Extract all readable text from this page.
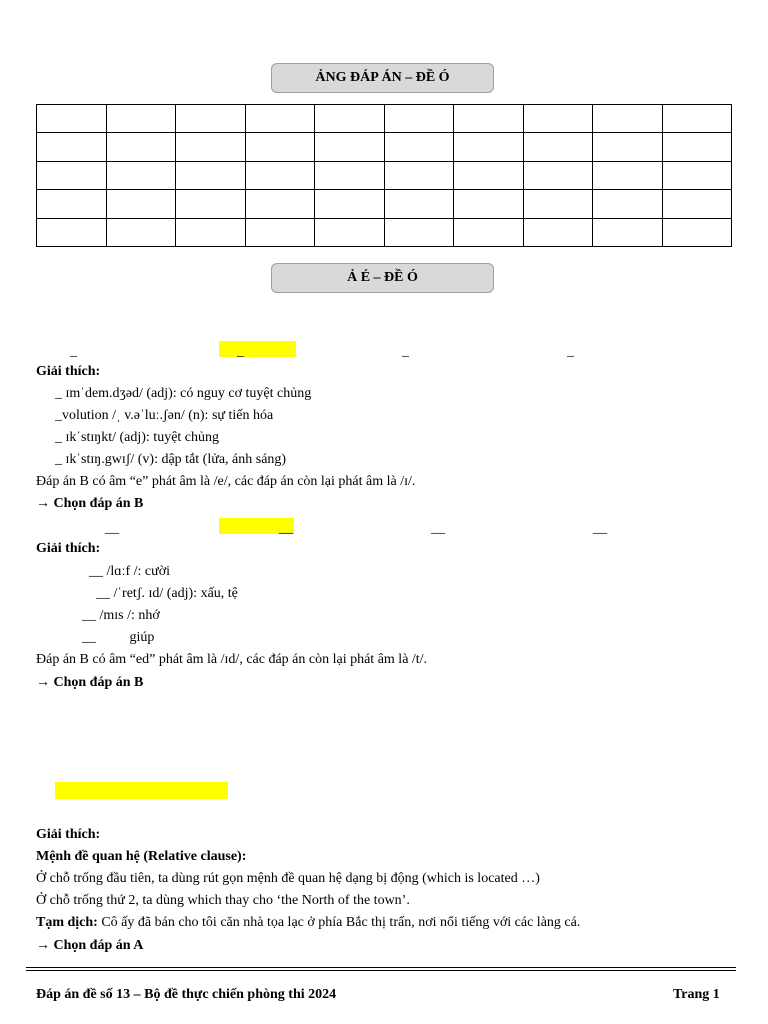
ẢNG ĐÁP ÁN – ĐỀ Ó

Ả É – ĐỀ Ó
_	_	_	_
Giải thích:
_ ɪmˈdem.dʒəd/ (adj): có nguy cơ tuyệt chủng
_volution /ˌ v.əˈluː.ʃən/ (n): sự tiến hóa
_ ɪkˈstɪŋkt/ (adj): tuyệt chủng
_ ɪkˈstɪŋ.gwɪʃ/ (v): dập tắt (lửa, ánh sáng)
Đáp án B có âm “e” phát âm là /e/, các đáp án còn lại phát âm là /ɪ/.
→ Chọn đáp án B
__	__	__	__
Giải thích:
__ /lɑːf /: cười
__ /ˈretʃ. ɪd/ (adj): xấu, tệ
__ /mɪs /: nhớ
__ giúp
Đáp án B có âm “ed” phát âm là /ɪd/, các đáp án còn lại phát âm là /t/.
→ Chọn đáp án B
Giải thích:
Mệnh đề quan hệ (Relative clause):
Ở chỗ trống đầu tiên, ta dùng rút gọn mệnh đề quan hệ dạng bị động (which is located …)
Ở chỗ trống thứ 2, ta dùng which thay cho ‘the North of the town’.
Tạm dịch: Cô ấy đã bán cho tôi căn nhà tọa lạc ở phía Bắc thị trấn, nơi nổi tiếng với các làng cá.
→ Chọn đáp án A
Đáp án đề số 13 – Bộ đề thực chiến phòng thi 2024	Trang 1
